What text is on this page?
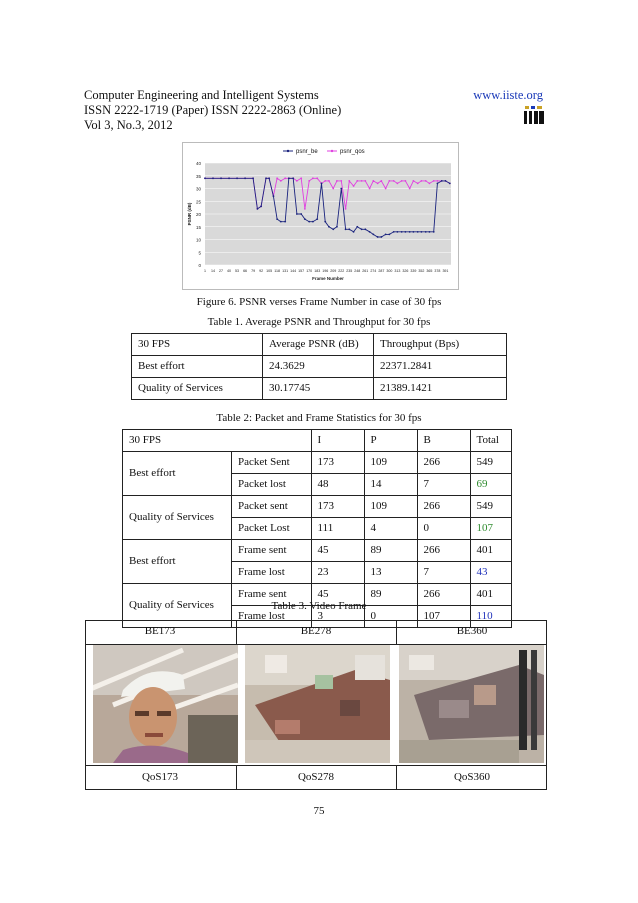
Computer Engineering and Intelligent Systems
ISSN 2222-1719 (Paper) ISSN 2222-2863 (Online)
Vol 3, No.3, 2012
www.iiste.org
0
5
10
15
20
25
30
35
40
1 14 27 40 53 66 79 92 105 118 131 144 157 170 183 196 209 222 235 248 261 274 287 300 313 326 339 352 365 378 391
PSNR (dB)
Frame Number
psnr_be	psnr_qos
Figure 6. PSNR verses Frame Number in case of 30 fps
Table 1. Average PSNR and Throughput for 30 fps
30 FPS	Average PSNR (dB)	Throughput (Bps)
Best effort	24.3629	22371.2841
Quality of Services	30.17745	21389.1421
Table 2: Packet and Frame Statistics for 30 fps
30 FPS		I	P	B	Total
Best effort	Packet Sent	173	109	266	549
	Packet lost	48	14	7	69
Quality of Services	Packet sent	173	109	266	549
	Packet Lost	111	4	0	107
Best effort	Frame sent	45	89	266	401
	Frame lost	23	13	7	43
Quality of Services	Frame sent	45	89	266	401
	Frame lost	3	0	107	110
Table 3. Video Frame
BE173	BE278	BE360
QoS173	QoS278	QoS360
75
